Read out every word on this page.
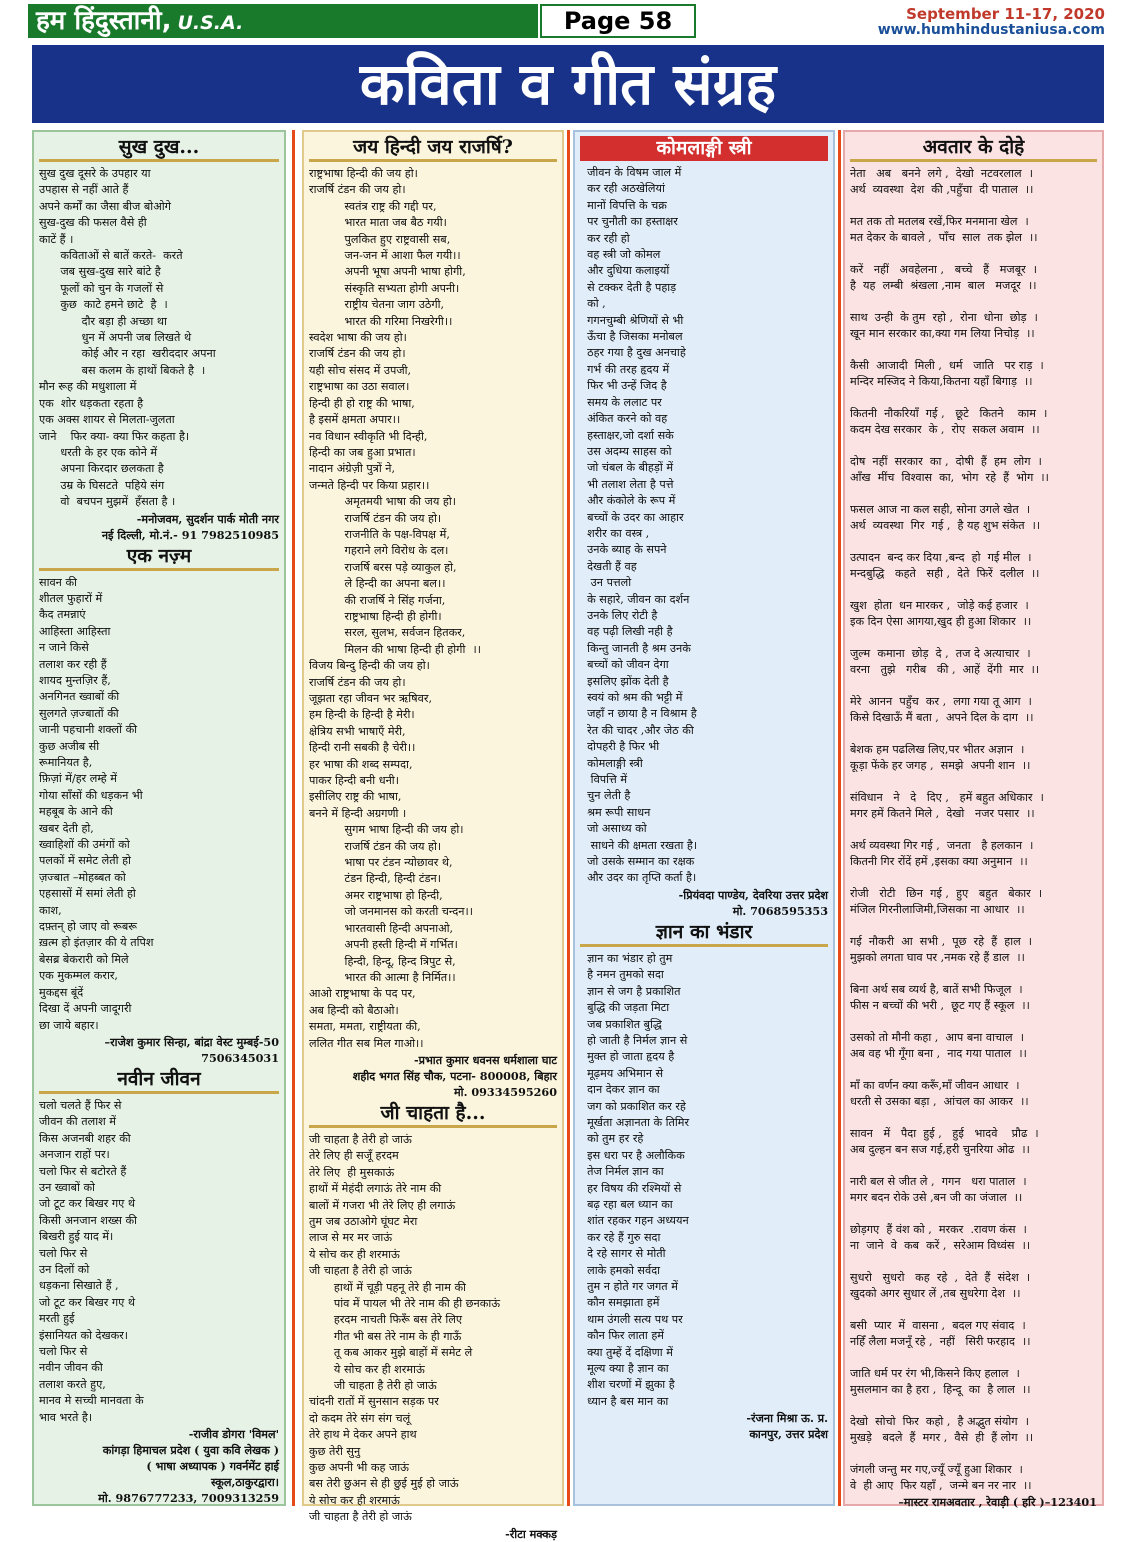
हम हिंदुस्तानी, U.S.A.	Page 58	September 11-17, 2020
www.humhindustaniusa.com
कविता व गीत संग्रह
सुख दुख...
सुख दुख दूसरे के उपहार या
उपहास से नहीं आते हैं
अपने कर्मों का जैसा बीज बोओगे
सुख-दुख की फसल वैसे ही
काटें हैं ।
कविताओं से बातें करते-  करते
जब सुख-दुख सारे बांटे है
फूलों को चुन के गजलों से
कुछ  काटे हमने छाटे  है  ।
दौर बड़ा ही अच्छा था
धुन में अपनी जब लिखते थे
कोई और न रहा  खरीददार अपना
बस कलम के हाथों बिकते है  ।
मौन रूह की मधुशाला में
एक  शोर धड़कता रहता है
एक अक्स शायर से मिलता-जुलता
जाने    फिर क्या- क्या फिर कहता है।
धरती के हर एक कोने में
अपना किरदार छलकता है
उम्र के घिसटते  पहिये संग
वो  बचपन मुझमें  हँसता है ।
-मनोजवम, सुदर्शन पार्क मोती नगर
नई दिल्ली, मो.नं.- 91 7982510985
एक नज़्म
सावन की
शीतल फुहारों में
कैद तमन्नाएं
आहिस्ता आहिस्ता
न जाने किसे
तलाश कर रही हैं
शायद मुन्तज़िर हैं,
अनगिनत ख्वाबों की
सुलगते ज़ज्बातों की
जानी पहचानी शक्लों की
कुछ अजीब सी
रूमानियत है,
फ़िज़ां में/हर लम्हे में
गोया साँसों की धड़कन भी
महबूब के आने की
खबर देती हो,
ख्वाहिशों की उमंगों को
पलकों में समेट लेती हो
ज़ज्बात –मोहब्बत को
एहसासों में समां लेती हो
काश,
दफ़्तन् हो जाए वो रूबरू
ख़त्म हो इंतज़ार की ये तपिश
बेसब्र बेकरारी को मिले
एक मुकम्मल करार,
मुकद्दस बूंदें
दिखा दें अपनी जादूगरी
छा जाये बहार।
–राजेश कुमार सिन्हा, बांद्रा वेस्ट मुम्बई-50
7506345031
नवीन जीवन
चलो चलते हैं फिर से
जीवन की तलाश में
किस अजनबी शहर की
अनजान राहों पर।
चलो फिर से बटोरते हैं
उन ख्वाबों को
जो टूट कर बिखर गए थे
किसी अनजान शख्स की
बिखरी हुई याद में।
चलो फिर से
उन दिलों को
धड़कना सिखाते हैं ,
जो टूट कर बिखर गए थे
मरती हुई
इंसानियत को देखकर।
चलो फिर से
नवीन जीवन की
तलाश करते हुए,
मानव मे सच्ची मानवता के
भाव भरते है।
-राजीव डोगरा 'विमल'
कांगड़ा हिमाचल प्रदेश ( युवा कवि लेखक )
( भाषा अध्यापक ) गवर्नमेंट हाई
स्कूल,ठाकुरद्वारा।
मो. 9876777233, 7009313259
जय हिन्दी जय राजर्षि?
राष्ट्रभाषा हिन्दी की जय हो।
राजर्षि टंडन की जय हो।
स्वतंत्र राष्ट्र की गद्दी पर,
भारत माता जब बैठ गयी।
पुलकित हुए राष्ट्रवासी सब,
जन-जन में आशा फैल गयी।।
अपनी भूषा अपनी भाषा होगी,
संस्कृति सभ्यता होगी अपनी।
राष्ट्रीय चेतना जाग उठेगी,
भारत की गरिमा निखरेगी।।
स्वदेश भाषा की जय हो।
राजर्षि टंडन की जय हो।
यही सोच संसद में उपजी,
राष्ट्रभाषा का उठा सवाल।
हिन्दी ही हो राष्ट्र की भाषा,
है इसमें क्षमता अपार।।
नव विधान स्वीकृति भी दिन्ही,
हिन्दी का जब हुआ प्रभात।
नादान अंग्रेज़ी पुत्रों ने,
जन्मते हिन्दी पर किया प्रहार।।
अमृतमयी भाषा की जय हो।
राजर्षि टंडन की जय हो।
राजनीति के पक्ष-विपक्ष में,
गहराने लगे विरोध के दल।
राजर्षि बरस पड़े व्याकुल हो,
ले हिन्दी का अपना बल।।
की राजर्षि ने सिंह गर्जना,
राष्ट्रभाषा हिन्दी ही होगी।
सरल, सुलभ, सर्वजन हितकर,
मिलन की भाषा हिन्दी ही होगी  ।।
विजय बिन्दु हिन्दी की जय हो।
राजर्षि टंडन की जय हो।
जूझता रहा जीवन भर ऋषिवर,
हम हिन्दी के हिन्दी है मेरी।
क्षेत्रिय सभी भाषाएँ मेरी,
हिन्दी रानी सबकी है चेरी।।
हर भाषा की शब्द सम्पदा,
पाकर हिन्दी बनी धनी।
इसीलिए राष्ट्र की भाषा,
बनने में हिन्दी अग्रगणी ।
सुगम भाषा हिन्दी की जय हो।
राजर्षि टंडन की जय हो।
भाषा पर टंडन न्योछावर थे,
टंडन हिन्दी, हिन्दी टंडन।
अमर राष्ट्रभाषा हो हिन्दी,
जो जनमानस को करती चन्दन।।
भारतवासी हिन्दी अपनाओ,
अपनी हस्ती हिन्दी में गर्भित।
हिन्दी, हिन्दू, हिन्द त्रिपुट से,
भारत की आत्मा है निर्मित।।
आओ राष्ट्रभाषा के पद पर,
अब हिन्दी को बैठाओ।
समता, ममता, राष्ट्रीयता की,
ललित गीत सब मिल गाओ।।
-प्रभात कुमार धवनस धर्मशाला घाट
शहीद भगत सिंह चौक, पटना- 800008, बिहार
मो. 09334595260
जी चाहता है...
जी चाहता है तेरी हो जाऊं
तेरे लिए ही सजूँ हरदम
तेरे लिए  ही मुसकाऊं
हाथों में मेहंदी लगाऊं तेरे नाम की
बालों में गजरा भी तेरे लिए ही लगाऊं
तुम जब उठाओगे घूंघट मेरा
लाज से मर मर जाऊं
ये सोच कर ही शरमाऊं
जी चाहता है तेरी हो जाऊं
हाथों में चूड़ी पहनू तेरे ही नाम की
पांव में पायल भी तेरे नाम की ही छनकाऊं
हरदम नाचती फिरूँ बस तेरे लिए
गीत भी बस तेरे नाम के ही गाऊँ
तू कब आकर मुझे बाहों में समेट ले
ये सोच कर ही शरमाऊं
जी चाहता है तेरी हो जाऊं
चांदनी रातों में सुनसान सड़क पर
दो कदम तेरे संग संग चलूं
तेरे हाथ मे देकर अपने हाथ
कुछ तेरी सुनु
कुछ अपनी भी कह जाऊं
बस तेरी छुअन से ही छुई मुई हो जाऊं
ये सोच कर ही शरमाऊं
जी चाहता है तेरी हो जाऊं
-रीटा मक्कड़
कोमलाङ्गी स्त्री
जीवन के विषम जाल में
कर रही अठखेलियां
मानों विपत्ति के चक्र
पर चुनौती का हस्ताक्षर
कर रही हो
वह स्त्री जो कोमल
और दुधिया कलाइयों
से टक्कर देती है पहाड़
को ,
गगनचुम्बी श्रेणियों से भी
ऊँचा है जिसका मनोबल
ठहर गया है दुख अनचाहे
गर्भ की तरह हृदय में
फिर भी उन्हें जिद है
समय के ललाट पर
अंकित करने को वह
हस्ताक्षर,जो दर्शा सके
उस अदम्य साहस को
जो चंबल के बीहड़ों में
भी तलाश लेता है पत्ते
और कंकोले के रूप में
बच्चों के उदर का आहार
शरीर का वस्त्र ,
उनके ब्याह के सपने
देखती हैं वह
उन पत्तलो
के सहारे, जीवन का दर्शन
उनके लिए रोटी है
वह पढ़ी लिखी नही है
किन्तु जानती है श्रम उनके
बच्चों को जीवन देगा
इसलिए झोंक देती है
स्वयं को श्रम की भट्टी में
जहाँ न छाया है न विश्राम है
रेत की चादर ,और जेठ की
दोपहरी है फिर भी
कोमलाङ्गी स्त्री
विपत्ति में
चुन लेती है
श्रम रूपी साधन
जो असाध्य को
साधने की क्षमता रखता है।
जो उसके सम्मान का रक्षक
और उदर का तृप्ति कर्ता है।
-प्रियंवदा पाण्डेय, देवरिया उत्तर प्रदेश
मो. 7068595353
ज्ञान का भंडार
ज्ञान का भंडार हो तुम
है नमन तुमको सदा
ज्ञान से जग है प्रकाशित
बुद्धि की जड़ता मिटा
जब प्रकाशित बुद्धि
हो जाती है निर्मल ज्ञान से
मुक्त हो जाता हृदय है
मूढ़मय अभिमान से
दान देकर ज्ञान का
जग को प्रकाशित कर रहे
मूर्खता अज्ञानता के तिमिर
को तुम हर रहे
इस धरा पर है अलौकिक
तेज निर्मल ज्ञान का
हर विषय की रश्मियों से
बढ़ रहा बल ध्यान का
शांत रहकर गहन अध्ययन
कर रहे हैं गुरु सदा
दे रहे सागर से मोती
लाके हमको सर्वदा
तुम न होते गर जगत में
कौन समझाता हमें
थाम उंगली सत्य पथ पर
कौन फिर लाता हमें
क्या तुम्हें दें दक्षिणा में
मूल्य क्या है ज्ञान का
शीश चरणों में झुका है
ध्यान है बस मान का
-रंजना मिश्रा ऊ. प्र.
कानपुर, उत्तर प्रदेश
अवतार के दोहे
नेता   अब   बनने  लगे ,  देखो  नटवरलाल  ।
अर्थ  व्यवस्था  देश  की ,पहुँचा  दी पाताल  ।।

मत तक तो मतलब रखें,फिर मनमाना खेल  ।
मत देकर के बावले ,  पाँच  साल  तक झेल  ।।

करें   नहीं   अवहेलना ,   बच्चे   हैं   मजबूर  ।
है  यह  लम्बी  श्रंखला ,नाम  बाल   मजदूर  ।।

साथ  उन्ही  के तुम  रहो ,  रोना  धोना  छोड़  ।
खून मान सरकार का,क्या गम लिया निचोड़  ।।

कैसी  आजादी  मिली ,  धर्म   जाति   पर राड़  ।
मन्दिर मस्जिद ने किया,कितना यहाँ बिगाड़  ।।

कितनी  नौकरियाँ  गई ,   छूटे   कितने    काम  ।
कदम देख सरकार  के ,  रोए  सकल अवाम  ।।

दोष  नहीं  सरकार  का ,  दोषी  हैं  हम  लोग  ।
आँख  मींच  विश्वास  का,  भोग  रहे  हैं  भोग  ।।

फसल आज ना कल सही, सोना उगले खेत  ।
अर्थ  व्यवस्था  गिर  गई ,  है यह शुभ संकेत  ।।

उत्पादन  बन्द कर दिया ,बन्द  हो  गई मील  ।
मन्दबुद्धि   कहते   सही ,  देते  फिरें  दलील  ।।

खुश  होता  धन मारकर ,  जोड़े कई हजार  ।
इक दिन ऐसा आगया,खुद ही हुआ शिकार  ।।

जुल्म  कमाना  छोड़  दे ,  तज दे अत्याचार  ।
वरना   तुझे   गरीब   की ,  आहें  देंगी  मार  ।।

मेरे  आनन  पहुँच  कर ,  लगा गया तू आग  ।
किसे दिखाऊँ मैं बता ,  अपने दिल के दाग  ।।

बेशक हम पढलिख लिए,पर भीतर अज्ञान  ।
कूड़ा फेंके हर जगह ,  समझे  अपनी शान  ।।

संविधान   ने   दे   दिए ,   हमें बहुत अधिकार  ।
मगर हमें कितने मिले ,  देखो   नजर पसार  ।।

अर्थ व्यवस्था गिर गई ,  जनता   है हलकान  ।
कितनी गिर रोंदें हमें ,इसका क्या अनुमान  ।।

रोजी   रोटी   छिन  गई ,  हुए   बहुत   बेकार  ।
मंजिल गिरनीलाजिमी,जिसका ना आधार  ।।

गई  नौकरी  आ  सभी ,  पूछ  रहे  हैं  हाल  ।
मुझको लगता घाव पर ,नमक रहे हैं डाल  ।।

बिना अर्थ सब व्यर्थ है, बातें सभी फिजूल  ।
फीस न बच्चों की भरी ,  छूट गए हैं स्कूल  ।।

उसको तो मौनी कहा ,  आप बना वाचाल  ।
अब वह भी गूँगा बना ,  नाद गया पाताल  ।।

माँ का वर्णन क्या करूँ,माँ जीवन आधार  ।
धरती से उसका बड़ा ,  आंचल का आकर  ।।

सावन   में   पैदा  हुई ,   हुई   भादवे    प्रौढ  ।
अब दुल्हन बन सज गई,हरी चुनरिया ओढ  ।।

नारी बल से जीत ले ,  गगन   धरा पाताल  ।
मगर बदन रोके उसे ,बन जी का जंजाल  ।।

छोड़गए  हैं वंश को ,  मरकर  .रावण कंस  ।
ना  जाने  वे  कब  करें ,  सरेआम विध्वंस  ।।

सुधरो   सुधरो   कह  रहे  ,  देते  हैं  संदेश  ।
खुदको अगर सुधार लें ,तब सुधरेगा देश  ।।

बसी  प्यार  में  वासना ,  बदल गए संवाद  ।
नहिँ लैला मजनूँ रहे ,  नहीं   सिरी फरहाद  ।।

जाति धर्म पर रंग भी,किसने किए हलाल  ।
मुसलमान का है हरा ,  हिन्दू  का  है लाल  ।।

देखो  सोचो  फिर  कहो ,  है अद्भुत संयोग  ।
मुखड़े   बदले  हैं  मगर ,  वैसे  ही  हैं लोग  ।।

जंगली जन्तु मर गए,ज्यूँ ज्यूँ हुआ शिकार  ।
वे  ही आए  फिर यहाँ ,  जन्मे बन नर नार  ।।
–मास्टर रामअवतार , रेवाड़ी ( हरि )–123401
